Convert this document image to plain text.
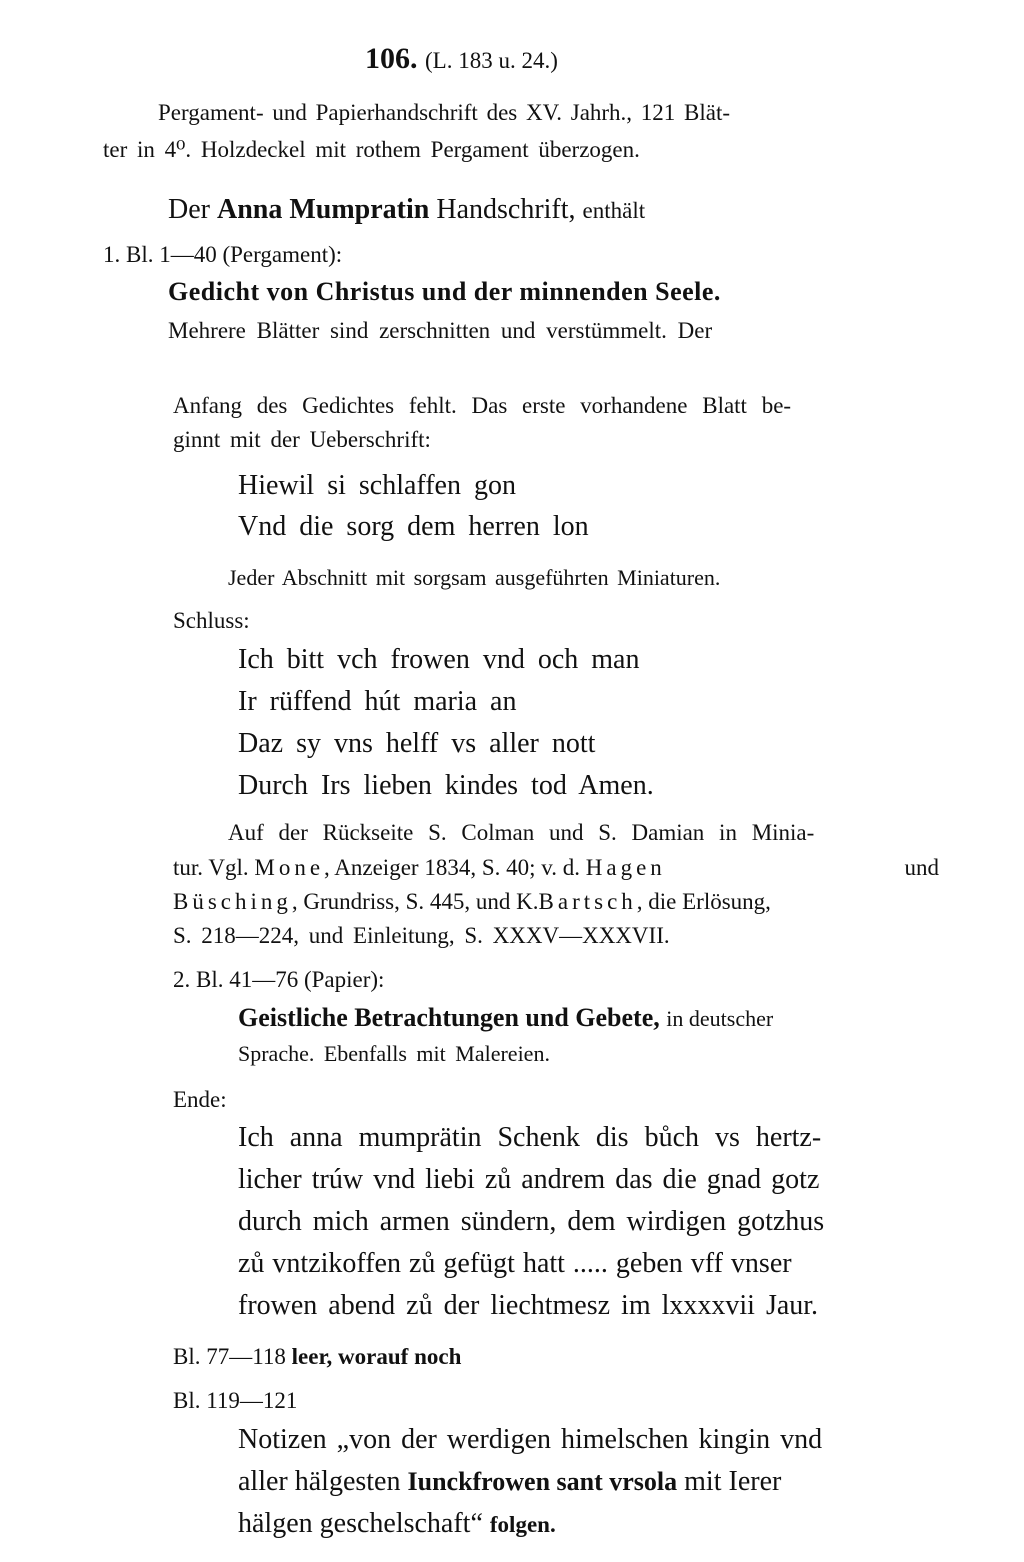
106. (L. 183 u. 24.)
Pergament- und Papierhandschrift des XV. Jahrh., 121 Blät-
ter in 4⁰. Holzdeckel mit rothem Pergament überzogen.
Der Anna Mumpratin Handschrift, enthält
1. Bl. 1—40 (Pergament):
Gedicht von Christus und der minnenden Seele.
Mehrere Blätter sind zerschnitten und verstümmelt. Der
Anfang des Gedichtes fehlt. Das erste vorhandene Blatt be-
ginnt mit der Ueberschrift:
Hiewil si schlaffen gon
Vnd die sorg dem herren lon
Jeder Abschnitt mit sorgsam ausgeführten Miniaturen.
Schluss:
Ich bitt vch frowen vnd och man
Ir rüffend hút maria an
Daz sy vns helff vs aller nott
Durch Irs lieben kindes tod Amen.
Auf der Rückseite S. Colman und S. Damian in Minia-
tur. Vgl. Mone, Anzeiger 1834, S. 40; v. d. Hagen	und
Büsching, Grundriss, S. 445, und K.Bartsch, die Erlösung,
S. 218—224, und Einleitung, S. XXXV—XXXVII.
2. Bl. 41—76 (Papier):
Geistliche Betrachtungen und Gebete, in deutscher
Sprache. Ebenfalls mit Malereien.
Ende:
Ich anna mumprätin Schenk dis bůch vs hertz-
licher trúw vnd liebi zů andrem das die gnad gotz
durch mich armen sündern, dem wirdigen gotzhus
zů vntzikoffen zů gefügt hatt ..... geben vff vnser
frowen abend zů der liechtmesz im lxxxxvii Jaur.
Bl. 77—118 leer, worauf noch
Bl. 119—121
Notizen „von der werdigen himelschen kingin vnd
aller hälgesten Iunckfrowen sant vrsola mit Ierer
hälgen geschelschaft“ folgen.
